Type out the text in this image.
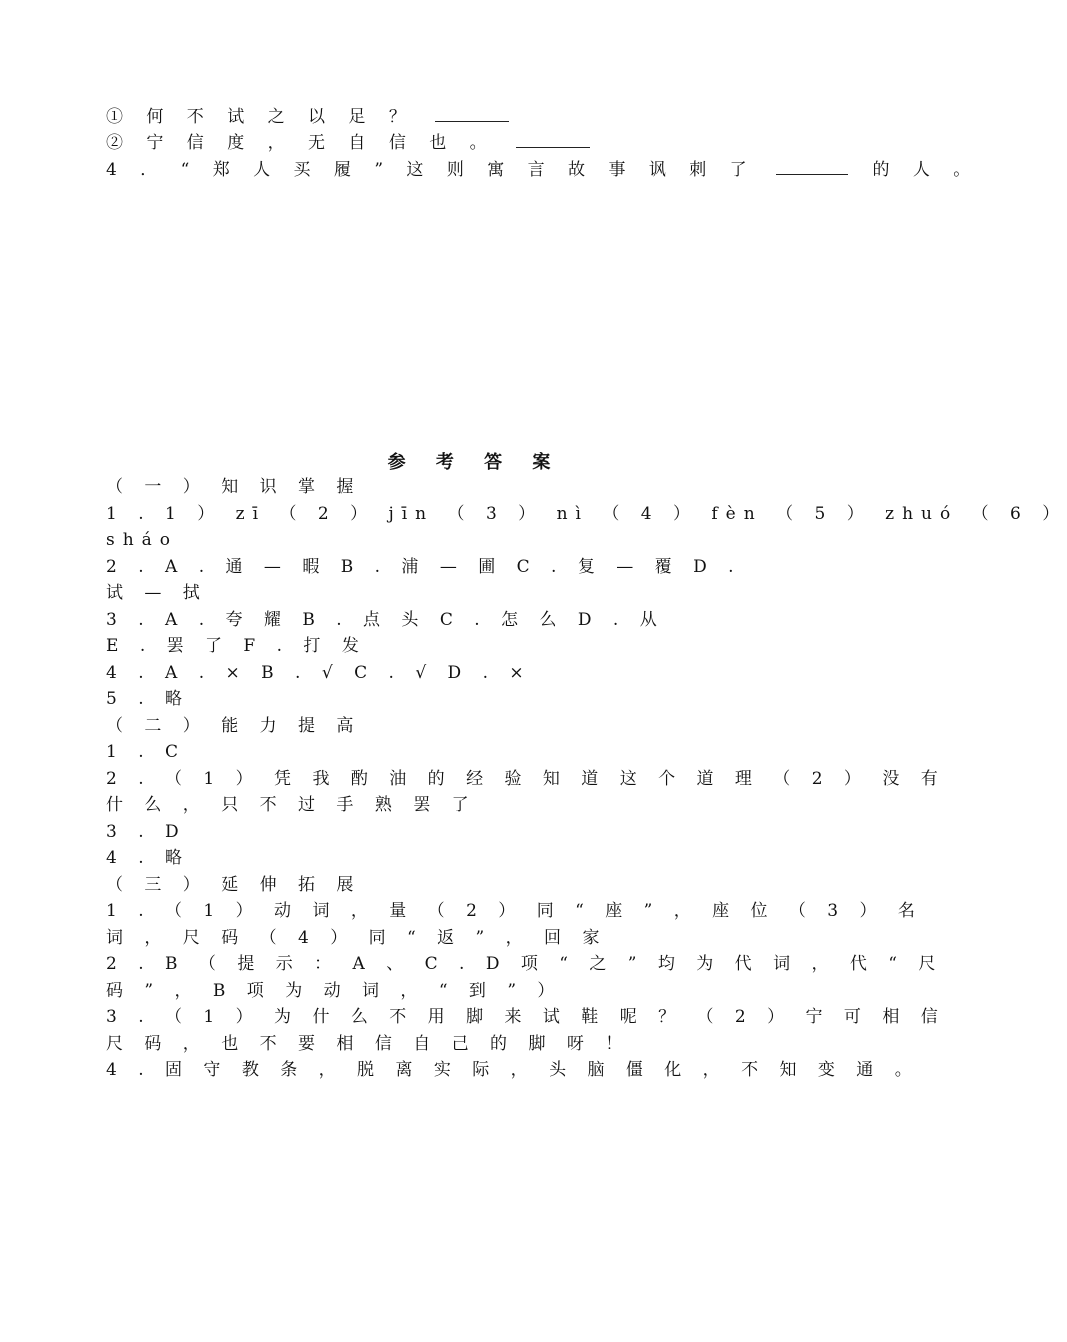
① 何 不 试 之 以 足 ？
② 宁 信 度 ， 无 自 信 也 。
4 ． “ 郑 人 买 履 ” 这 则 寓 言 故 事 讽 刺 了	的 人 。
参 考 答 案
（ 一 ） 知 识 掌 握
1 . 1 ） zī （ 2 ） jīn （ 3 ） nì （ 4 ） fèn （ 5 ） zhuó （ 6 ）
sháo
2 . A . 通 — 暇 B . 浦 — 圃 C . 复 — 覆 D .
试 — 拭
3 . A . 夸 耀 B . 点 头 C . 怎 么 D . 从
E . 罢 了 F . 打 发
4 . A . × B . √ C . √ D . ×
5 . 略
（ 二 ） 能 力 提 高
1 . C
2 . （ 1 ） 凭 我 酌 油 的 经 验 知 道 这 个 道 理 （ 2 ） 没 有
什 么 ， 只 不 过 手 熟 罢 了
3 . D
4 . 略
（ 三 ） 延 伸 拓 展
1 . （ 1 ） 动 词 ， 量 （ 2 ） 同 “ 座 ” ， 座 位 （ 3 ） 名
词 ， 尺 码 （ 4 ） 同 “ 返 ” ， 回 家
2 . B （ 提 示 ： A 、 C . D 项 “ 之 ” 均 为 代 词 ， 代 “ 尺
码 ” ， B 项 为 动 词 ， “ 到 ” ）
3 . （ 1 ） 为 什 么 不 用 脚 来 试 鞋 呢 ？ （ 2 ） 宁 可 相 信
尺 码 ， 也 不 要 相 信 自 己 的 脚 呀 ！
4 . 固 守 教 条 ， 脱 离 实 际 ， 头 脑 僵 化 ， 不 知 变 通 。
